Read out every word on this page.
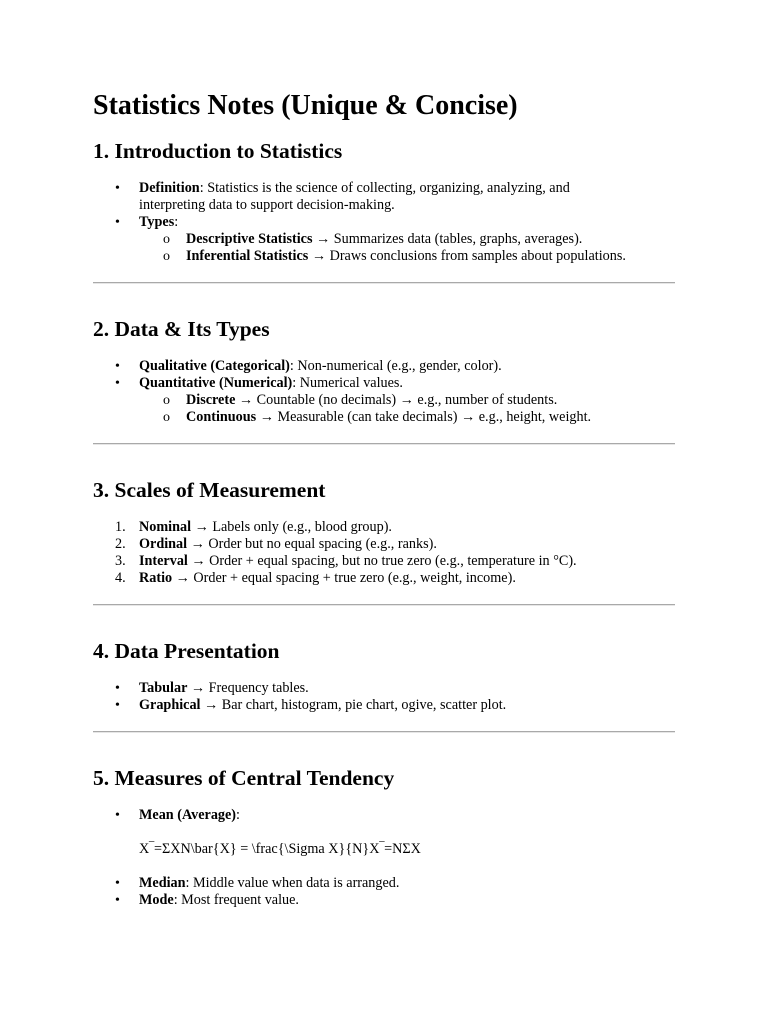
Statistics Notes (Unique & Concise)
1. Introduction to Statistics
• Definition: Statistics is the science of collecting, organizing, analyzing, and
interpreting data to support decision-making.
• Types:
o Descriptive Statistics → Summarizes data (tables, graphs, averages).
o Inferential Statistics → Draws conclusions from samples about populations.
2. Data & Its Types
• Qualitative (Categorical): Non-numerical (e.g., gender, color).
• Quantitative (Numerical): Numerical values.
o Discrete → Countable (no decimals) → e.g., number of students.
o Continuous → Measurable (can take decimals) → e.g., height, weight.
3. Scales of Measurement
1. Nominal → Labels only (e.g., blood group).
2. Ordinal → Order but no equal spacing (e.g., ranks).
3. Interval → Order + equal spacing, but no true zero (e.g., temperature in °C).
4. Ratio → Order + equal spacing + true zero (e.g., weight, income).
4. Data Presentation
• Tabular → Frequency tables.
• Graphical → Bar chart, histogram, pie chart, ogive, scatter plot.
5. Measures of Central Tendency
• Mean (Average):
X‾=ΣXN\bar{X} = \frac{\Sigma X}{N}X‾=NΣX
• Median: Middle value when data is arranged.
• Mode: Most frequent value.
